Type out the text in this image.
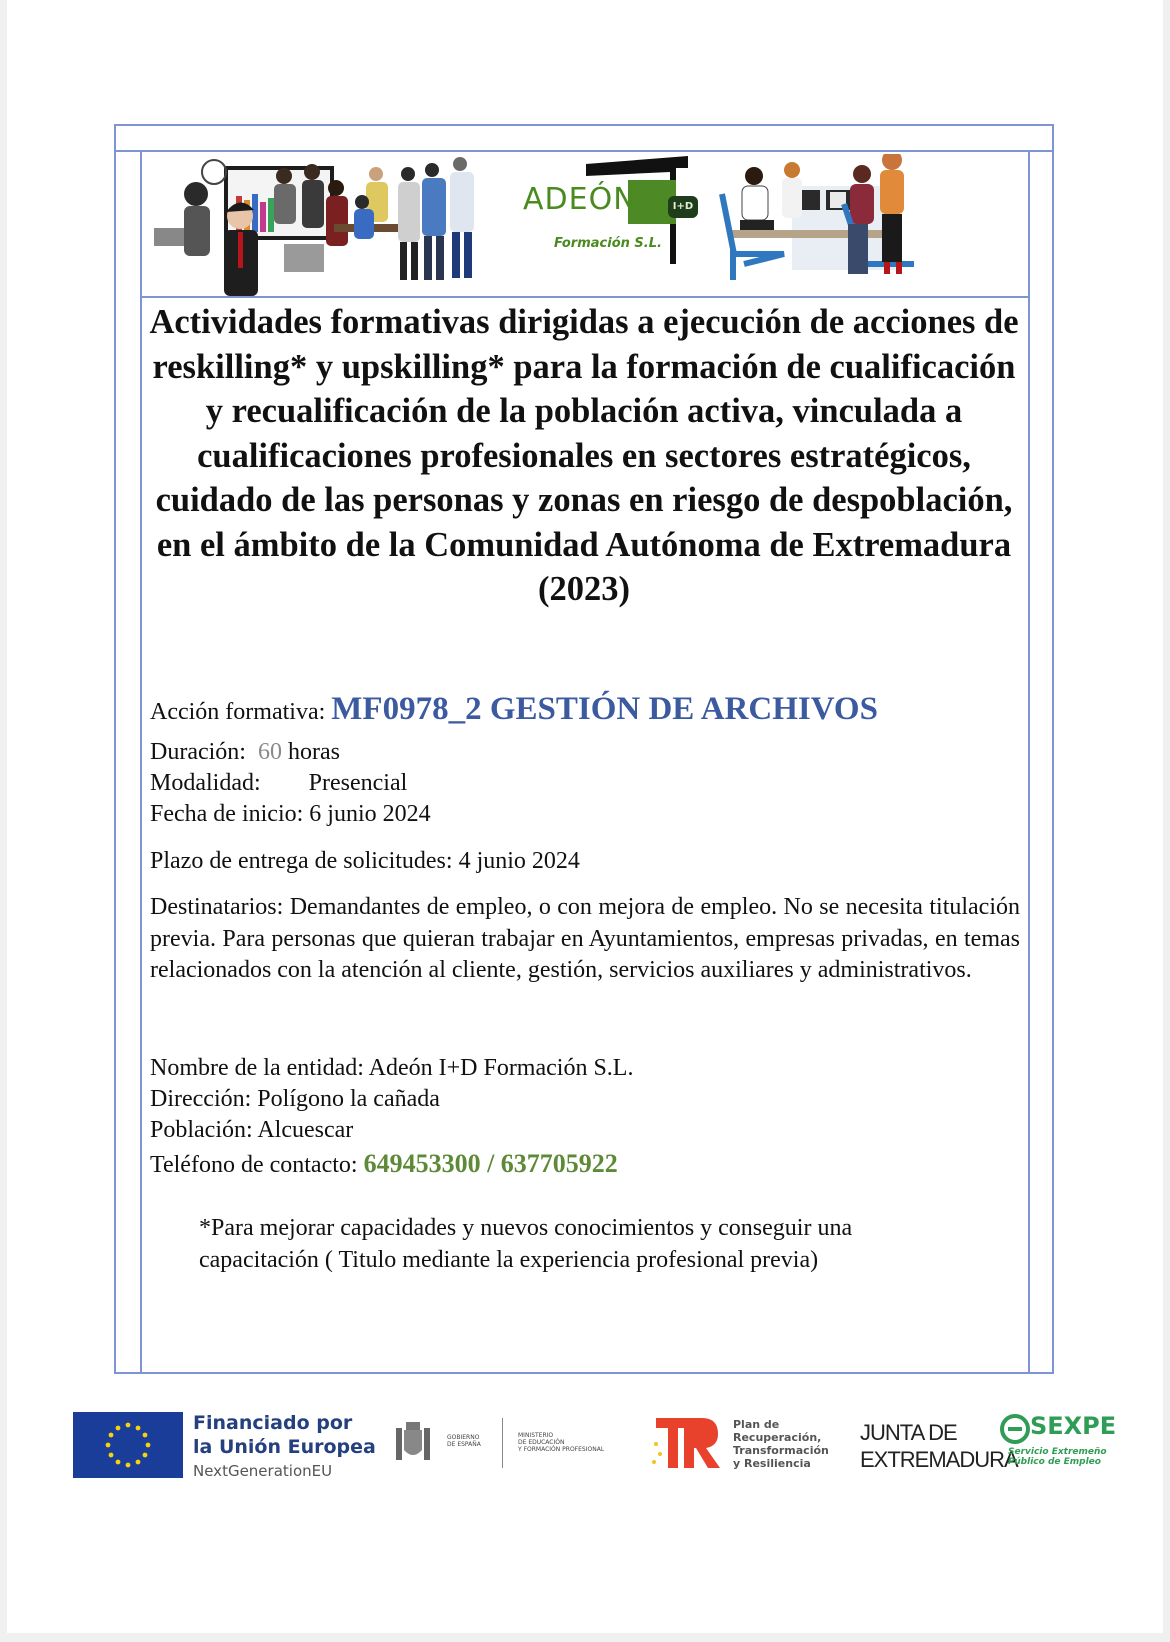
ADEÓN	I+D
Formación S.L.
Actividades formativas dirigidas a ejecución de acciones de reskilling* y upskilling* para la formación de cualificación y recualificación de la población activa, vinculada a cualificaciones profesionales en sectores estratégicos, cuidado de las personas y zonas en riesgo de despoblación, en el ámbito de la Comunidad Autónoma de Extremadura (2023)
Acción formativa: MF0978_2 GESTIÓN DE ARCHIVOS
Duración: 60 horas
Modalidad: Presencial
Fecha de inicio: 6 junio 2024
Plazo de entrega de solicitudes: 4 junio 2024
Destinatarios: Demandantes de empleo, o con mejora de empleo. No se necesita titulación previa. Para personas que quieran trabajar en Ayuntamientos, empresas privadas, en temas relacionados con la atención al cliente, gestión, servicios auxiliares y administrativos.
Nombre de la entidad: Adeón I+D Formación S.L.
Dirección: Polígono la cañada
Población: Alcuescar
Teléfono de contacto: 649453300 / 637705922
*Para mejorar capacidades y nuevos conocimientos y conseguir una
capacitación ( Titulo mediante la experiencia profesional previa)
Financiado por
la Unión Europea
NextGenerationEU
GOBIERNO
DE ESPAÑA
MINISTERIO
DE EDUCACIÓN
Y FORMACIÓN PROFESIONAL
Plan de
Recuperación,
Transformación
y Resiliencia
JUNTA DE
EXTREMADURA
SEXPE
Servicio Extremeño
Público de Empleo
